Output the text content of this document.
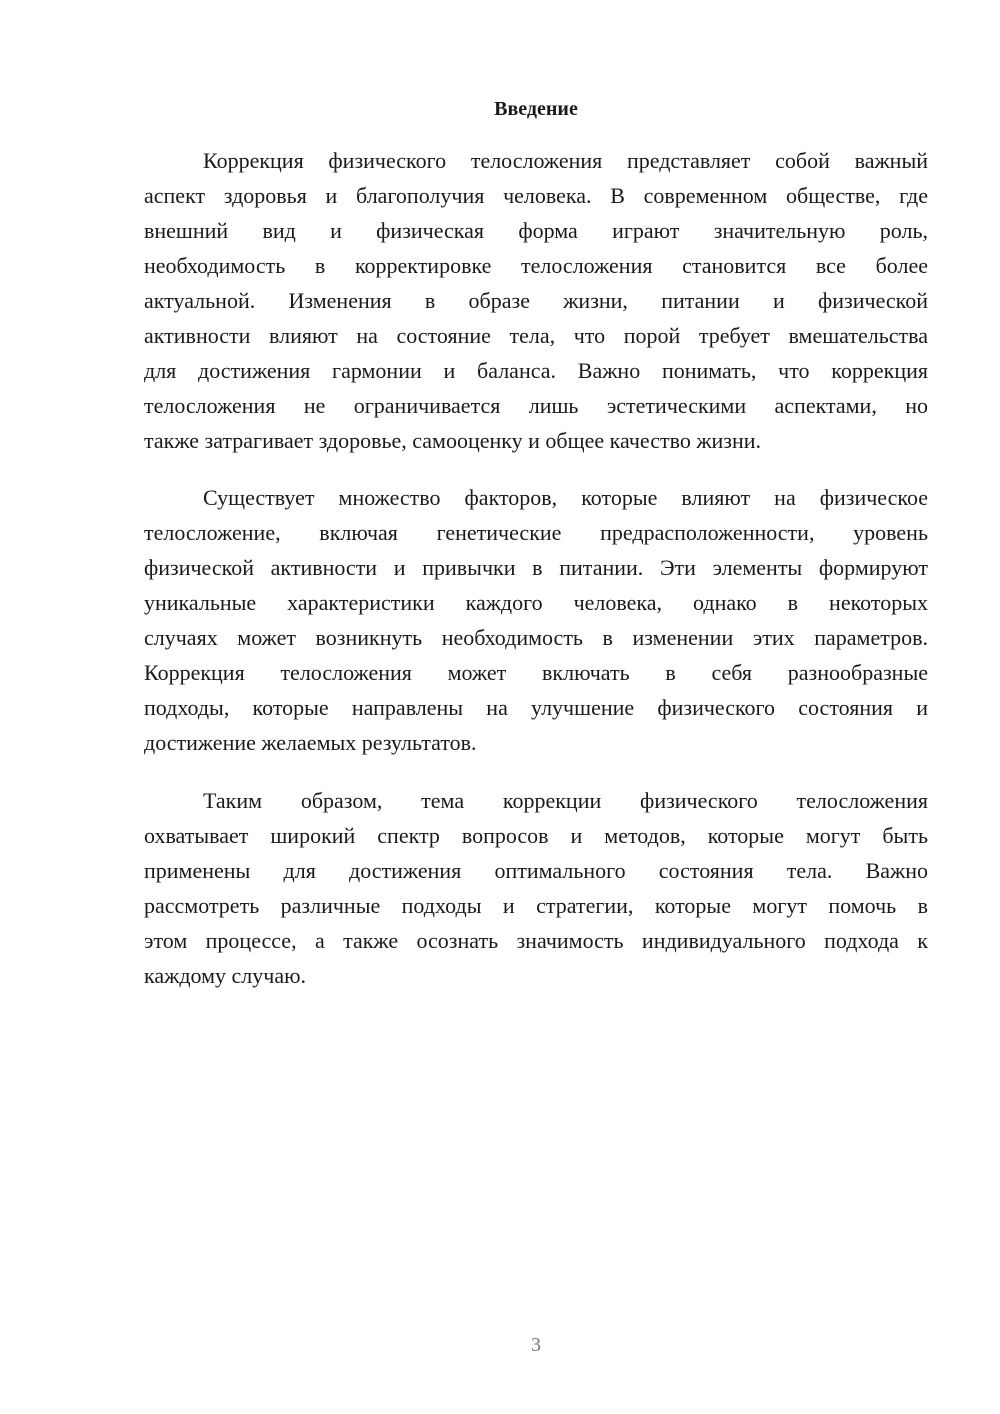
Введение
Коррекция физического телосложения представляет собой важный
аспект здоровья и благополучия человека. В современном обществе, где
внешний вид и физическая форма играют значительную роль,
необходимость в корректировке телосложения становится все более
актуальной. Изменения в образе жизни, питании и физической
активности влияют на состояние тела, что порой требует вмешательства
для достижения гармонии и баланса. Важно понимать, что коррекция
телосложения не ограничивается лишь эстетическими аспектами, но
также затрагивает здоровье, самооценку и общее качество жизни.
Существует множество факторов, которые влияют на физическое
телосложение, включая генетические предрасположенности, уровень
физической активности и привычки в питании. Эти элементы формируют
уникальные характеристики каждого человека, однако в некоторых
случаях может возникнуть необходимость в изменении этих параметров.
Коррекция телосложения может включать в себя разнообразные
подходы, которые направлены на улучшение физического состояния и
достижение желаемых результатов.
Таким образом, тема коррекции физического телосложения
охватывает широкий спектр вопросов и методов, которые могут быть
применены для достижения оптимального состояния тела. Важно
рассмотреть различные подходы и стратегии, которые могут помочь в
этом процессе, а также осознать значимость индивидуального подхода к
каждому случаю.
3
